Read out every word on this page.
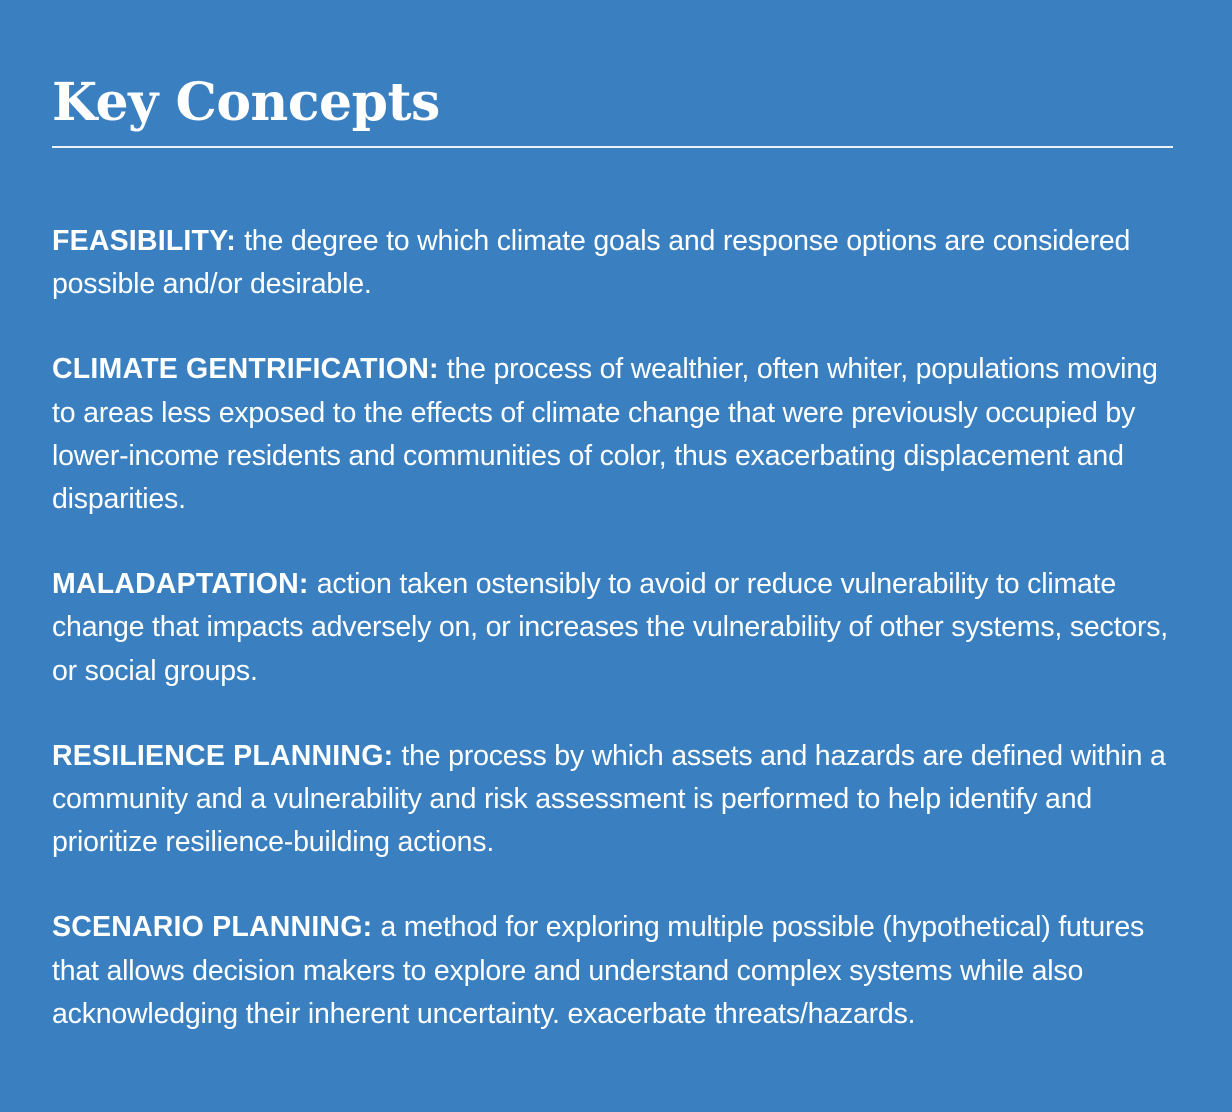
Key Concepts

FEASIBILITY: the degree to which climate goals and response options are considered possible and/or desirable.

CLIMATE GENTRIFICATION: the process of wealthier, often whiter, populations moving to areas less exposed to the effects of climate change that were previously occupied by lower-income residents and communities of color, thus exacerbating displacement and disparities.

MALADAPTATION: action taken ostensibly to avoid or reduce vulnerability to climate change that impacts adversely on, or increases the vulnerability of other systems, sectors, or social groups.

RESILIENCE PLANNING: the process by which assets and hazards are defined within a community and a vulnerability and risk assessment is performed to help identify and prioritize resilience-building actions.

SCENARIO PLANNING: a method for exploring multiple possible (hypothetical) futures that allows decision makers to explore and understand complex systems while also acknowledging their inherent uncertainty. exacerbate threats/hazards.
